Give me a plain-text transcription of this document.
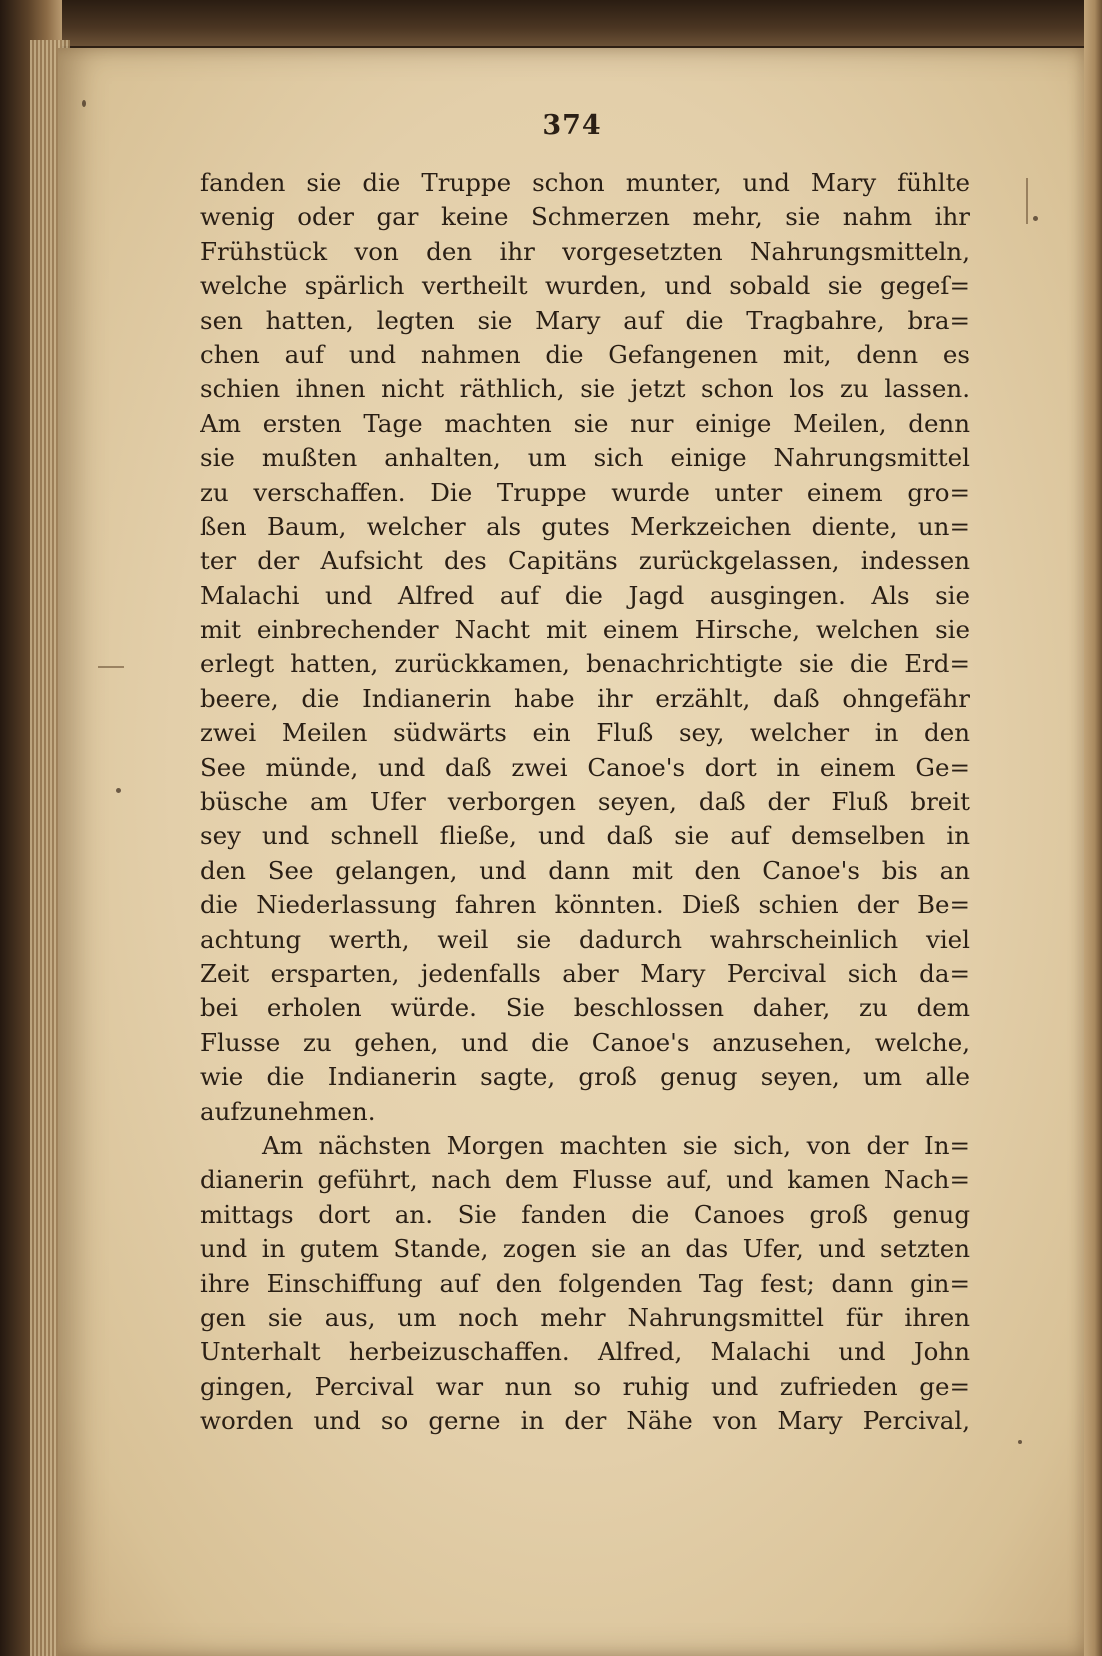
374
fanden sie die Truppe schon munter, und Mary fühlte
wenig oder gar keine Schmerzen mehr, sie nahm ihr
Frühstück von den ihr vorgesetzten Nahrungsmitteln,
welche spärlich vertheilt wurden, und sobald sie gegeſ=
sen hatten, legten sie Mary auf die Tragbahre, bra=
chen auf und nahmen die Gefangenen mit, denn es
schien ihnen nicht räthlich, sie jetzt schon los zu lassen.
Am ersten Tage machten sie nur einige Meilen, denn
sie mußten anhalten, um sich einige Nahrungsmittel
zu verschaffen. Die Truppe wurde unter einem gro=
ßen Baum, welcher als gutes Merkzeichen diente, un=
ter der Aufsicht des Capitäns zurückgelassen, indessen
Malachi und Alfred auf die Jagd ausgingen. Als sie
mit einbrechender Nacht mit einem Hirsche, welchen sie
erlegt hatten, zurückkamen, benachrichtigte sie die Erd=
beere, die Indianerin habe ihr erzählt, daß ohngefähr
zwei Meilen südwärts ein Fluß sey, welcher in den
See münde, und daß zwei Canoe's dort in einem Ge=
büsche am Ufer verborgen seyen, daß der Fluß breit
sey und schnell fließe, und daß sie auf demselben in
den See gelangen, und dann mit den Canoe's bis an
die Niederlassung fahren könnten. Dieß schien der Be=
achtung werth, weil sie dadurch wahrscheinlich viel
Zeit ersparten, jedenfalls aber Mary Percival sich da=
bei erholen würde. Sie beschlossen daher, zu dem
Flusse zu gehen, und die Canoe's anzusehen, welche,
wie die Indianerin sagte, groß genug seyen, um alle
aufzunehmen.
Am nächsten Morgen machten sie sich, von der In=
dianerin geführt, nach dem Flusse auf, und kamen Nach=
mittags dort an. Sie fanden die Canoes groß genug
und in gutem Stande, zogen sie an das Ufer, und setzten
ihre Einschiffung auf den folgenden Tag fest; dann gin=
gen sie aus, um noch mehr Nahrungsmittel für ihren
Unterhalt herbeizuschaffen. Alfred, Malachi und John
gingen, Percival war nun so ruhig und zufrieden ge=
worden und so gerne in der Nähe von Mary Percival,
